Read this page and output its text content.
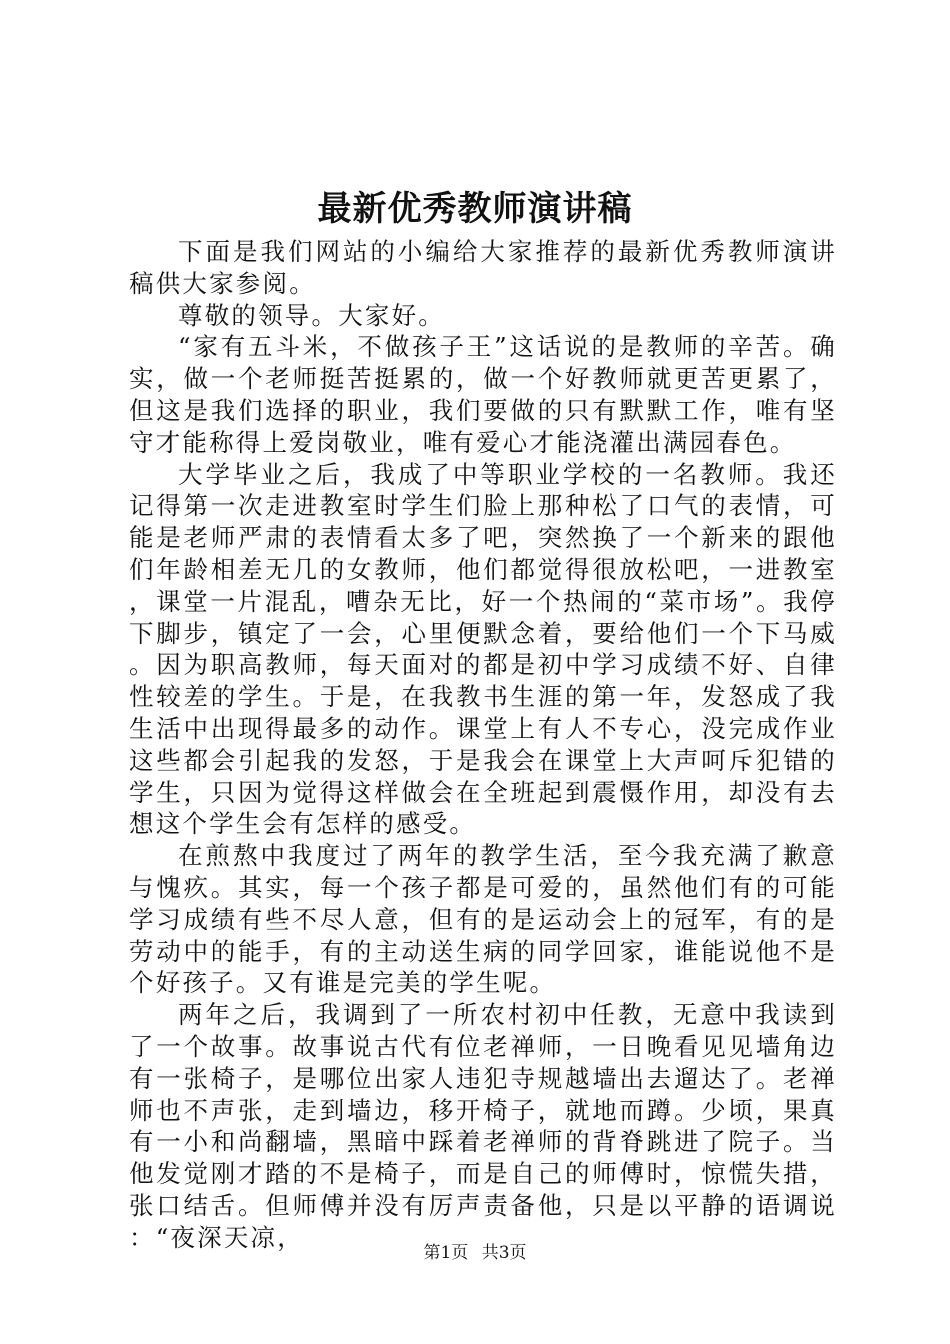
最新优秀教师演讲稿

下面是我们网站的小编给大家推荐的最新优秀教师演讲稿供大家参阅。

尊敬的领导。大家好。

“家有五斗米，不做孩子王”这话说的是教师的辛苦。确实，做一个老师挺苦挺累的，做一个好教师就更苦更累了，但这是我们选择的职业，我们要做的只有默默工作，唯有坚守才能称得上爱岗敬业，唯有爱心才能浇灌出满园春色。

大学毕业之后，我成了中等职业学校的一名教师。我还记得第一次走进教室时学生们脸上那种松了口气的表情，可能是老师严肃的表情看太多了吧，突然换了一个新来的跟他们年龄相差无几的女教师，他们都觉得很放松吧，一进教室，课堂一片混乱，嘈杂无比，好一个热闹的“菜市场”。我停下脚步，镇定了一会，心里便默念着，要给他们一个下马威。因为职高教师，每天面对的都是初中学习成绩不好、自律性较差的学生。于是，在我教书生涯的第一年，发怒成了我生活中出现得最多的动作。课堂上有人不专心，没完成作业这些都会引起我的发怒，于是我会在课堂上大声呵斥犯错的学生，只因为觉得这样做会在全班起到震慑作用，却没有去想这个学生会有怎样的感受。

在煎熬中我度过了两年的教学生活，至今我充满了歉意与愧疚。其实，每一个孩子都是可爱的，虽然他们有的可能学习成绩有些不尽人意，但有的是运动会上的冠军，有的是劳动中的能手，有的主动送生病的同学回家，谁能说他不是个好孩子。又有谁是完美的学生呢。

两年之后，我调到了一所农村初中任教，无意中我读到了一个故事。故事说古代有位老禅师，一日晚看见见墙角边有一张椅子，是哪位出家人违犯寺规越墙出去遛达了。老禅师也不声张，走到墙边，移开椅子，就地而蹲。少顷，果真有一小和尚翻墙，黑暗中踩着老禅师的背脊跳进了院子。当他发觉刚才踏的不是椅子，而是自己的师傅时，惊慌失措，张口结舌。但师傅并没有厉声责备他，只是以平静的语调说：“夜深天凉，

第1页 共3页
